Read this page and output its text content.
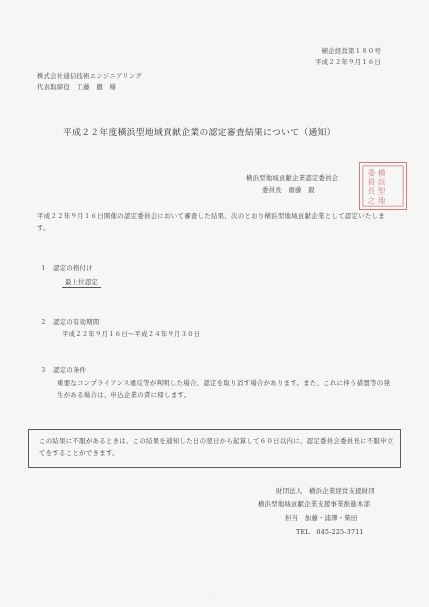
横企経営第１８０号
平成２２年９月１６日
株式会社通信技術エンジニアリング
代表取締役　工藤　徹　様
平成２２年度横浜型地域貢献企業の認定審査結果について（通知）
横浜型地域貢献企業認定委員会
委員長　齋藤　毅
委 横
員 浜
長 型
之 地
平成２２年９月１６日開催の認定委員会において審査した結果、次のとおり横浜型地域貢献企業として認定いたします。
１　認定の格付け
最上位認定
２　認定の有効期間
平成２２年９月１６日〜平成２４年９月３０日
３　認定の条件
重要なコンプライアンス違反等が判明した場合、認定を取り消す場合があります。また、これに伴う措置等の発生がある場合は、申込企業の責に帰します。
この結果に不服があるときは、この結果を通知した日の翌日から起算して６０日以内に、認定委員会委員長に不服申立てをすることができます。
財団法人　横浜企業経営支援財団
横浜型地域貢献企業支援事業推進本部
担当　加藤・浦澤・柴田
TEL　045-225-3711
··
